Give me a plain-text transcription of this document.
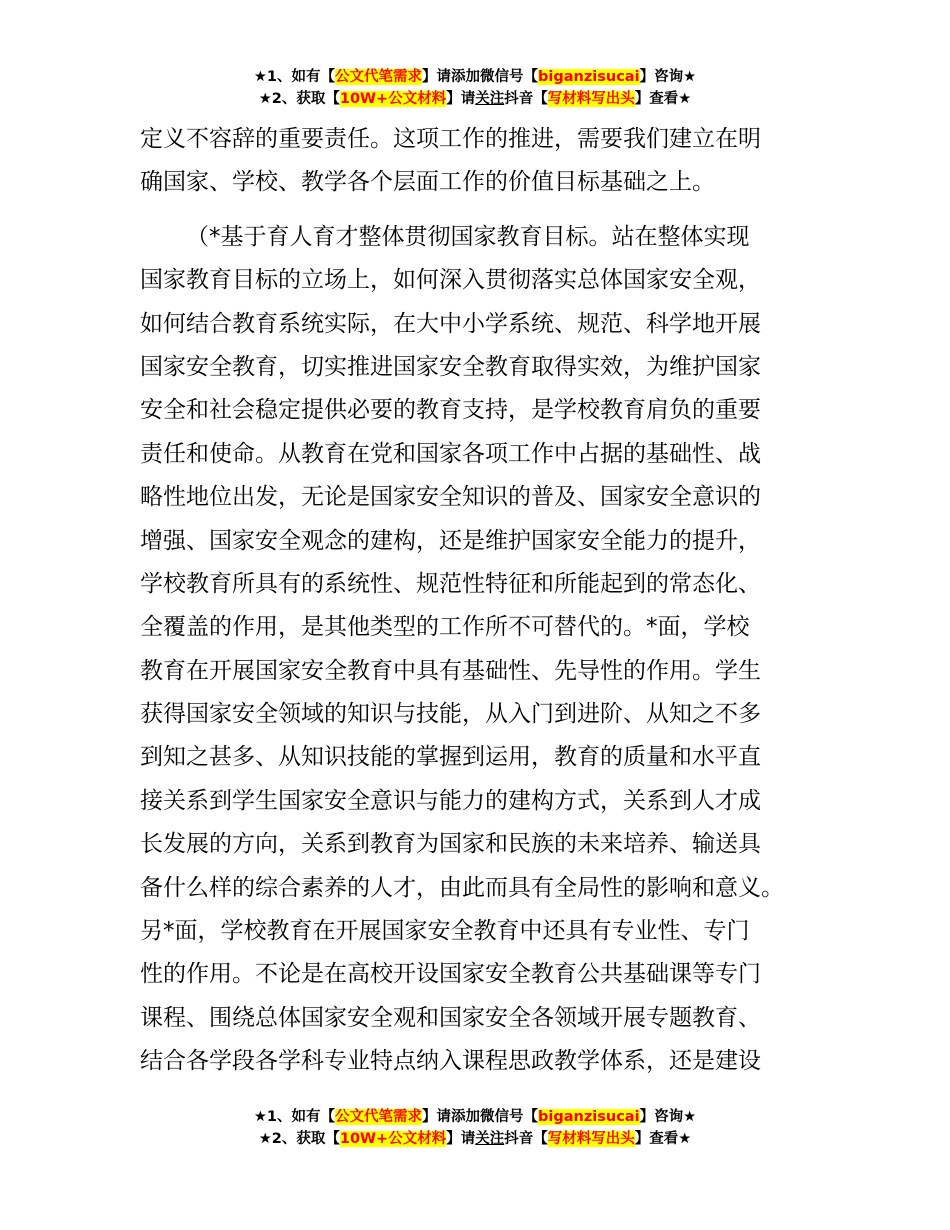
★1、如有【公文代笔需求】请添加微信号【biganzisucai】咨询★
★2、获取【10W+公文材料】请关注抖音【写材料写出头】查看★
定义不容辞的重要责任。这项工作的推进，需要我们建立在明
确国家、学校、教学各个层面工作的价值目标基础之上。
（*基于育人育才整体贯彻国家教育目标。站在整体实现
国家教育目标的立场上，如何深入贯彻落实总体国家安全观，
如何结合教育系统实际，在大中小学系统、规范、科学地开展
国家安全教育，切实推进国家安全教育取得实效，为维护国家
安全和社会稳定提供必要的教育支持，是学校教育肩负的重要
责任和使命。从教育在党和国家各项工作中占据的基础性、战
略性地位出发，无论是国家安全知识的普及、国家安全意识的
增强、国家安全观念的建构，还是维护国家安全能力的提升，
学校教育所具有的系统性、规范性特征和所能起到的常态化、
全覆盖的作用，是其他类型的工作所不可替代的。*面，学校
教育在开展国家安全教育中具有基础性、先导性的作用。学生
获得国家安全领域的知识与技能，从入门到进阶、从知之不多
到知之甚多、从知识技能的掌握到运用，教育的质量和水平直
接关系到学生国家安全意识与能力的建构方式，关系到人才成
长发展的方向，关系到教育为国家和民族的未来培养、输送具
备什么样的综合素养的人才，由此而具有全局性的影响和意义。
另*面，学校教育在开展国家安全教育中还具有专业性、专门
性的作用。不论是在高校开设国家安全教育公共基础课等专门
课程、围绕总体国家安全观和国家安全各领域开展专题教育、
结合各学段各学科专业特点纳入课程思政教学体系，还是建设
★1、如有【公文代笔需求】请添加微信号【biganzisucai】咨询★
★2、获取【10W+公文材料】请关注抖音【写材料写出头】查看★
